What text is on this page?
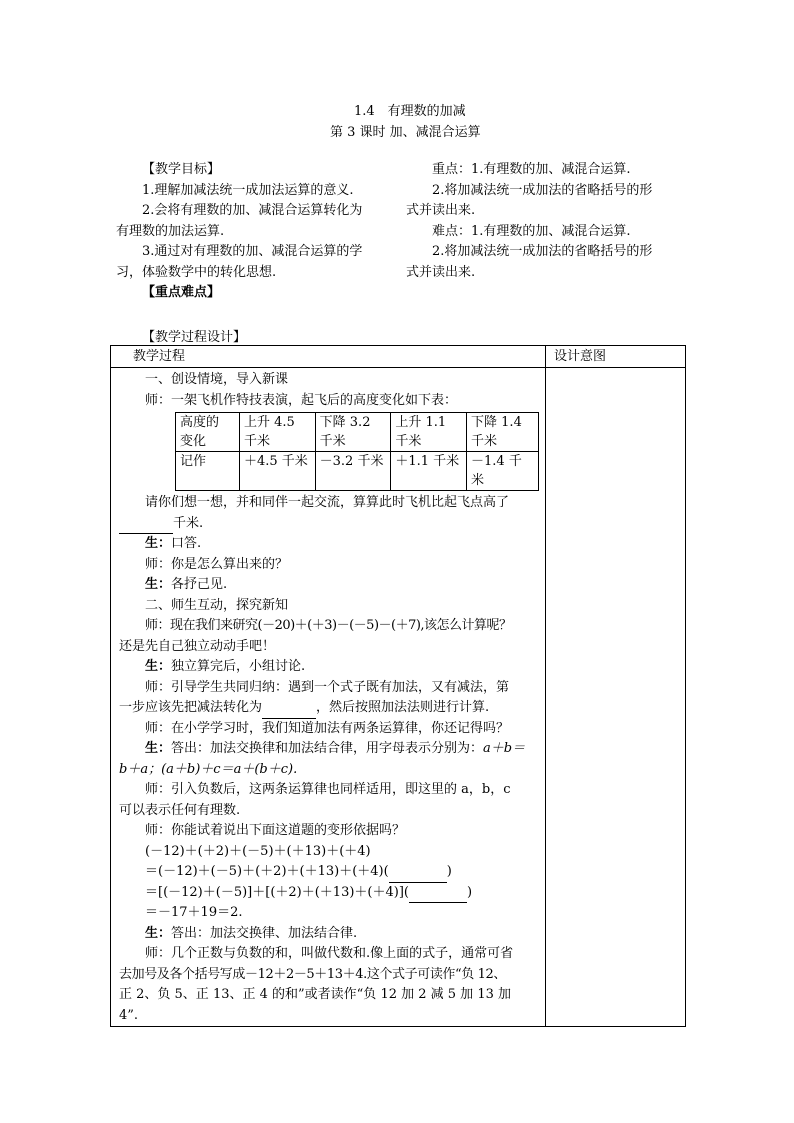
1.4　有理数的加减
第 3 课时 加、减混合运算

【教学目标】

1.理解加减法统一成加法运算的意义.

2.会将有理数的加、减混合运算转化为

有理数的加法运算.

3.通过对有理数的加、减混合运算的学

习，体验数学中的转化思想.

【重点难点】

重点：1.有理数的加、减混合运算.

2.将加减法统一成加法的省略括号的形

式并读出来.

难点：1.有理数的加、减混合运算.

2.将加减法统一成加法的省略括号的形

式并读出来.

【教学过程设计】
教学过程	设计意图

一、创设情境，导入新课

师：一架飞机作特技表演，起飞后的高度变化如下表：

高度的
变化	上升 4.5
千米	下降 3.2
千米	上升 1.1
千米	下降 1.4
千米
记作	＋4.5 千米	－3.2 千米	＋1.1 千米	－1.4 千米

请你们想一想，并和同伴一起交流，算算此时飞机比起飞点高了

千米.

生：口答.

师：你是怎么算出来的？

生：各抒己见.

二、师生互动，探究新知

师：现在我们来研究(－20)＋(＋3)－(－5)－(＋7),该怎么计算呢？

还是先自己独立动动手吧！

生：独立算完后，小组讨论.

师：引导学生共同归纳：遇到一个式子既有加法，又有减法，第

一步应该先把减法转化为	，然后按照加法法则进行计算.

师：在小学学习时，我们知道加法有两条运算律，你还记得吗？

生：答出：加法交换律和加法结合律，用字母表示分别为：a＋b＝

b＋a；(a＋b)＋c＝a＋(b＋c).

师：引入负数后，这两条运算律也同样适用，即这里的 a，b，c

可以表示任何有理数.

师：你能试着说出下面这道题的变形依据吗？

(－12)＋(＋2)＋(－5)＋(＋13)＋(＋4)

＝(－12)＋(－5)＋(＋2)＋(＋13)＋(＋4)(	)

＝[(－12)＋(－5)]＋[(＋2)＋(＋13)＋(＋4)](	)

＝－17＋19＝2.

生：答出：加法交换律、加法结合律.

师：几个正数与负数的和，叫做代数和.像上面的式子，通常可省

去加号及各个括号写成－12＋2－5＋13＋4.这个式子可读作“负 12、

正 2、负 5、正 13、正 4 的和”或者读作“负 12 加 2 减 5 加 13 加

4”.
